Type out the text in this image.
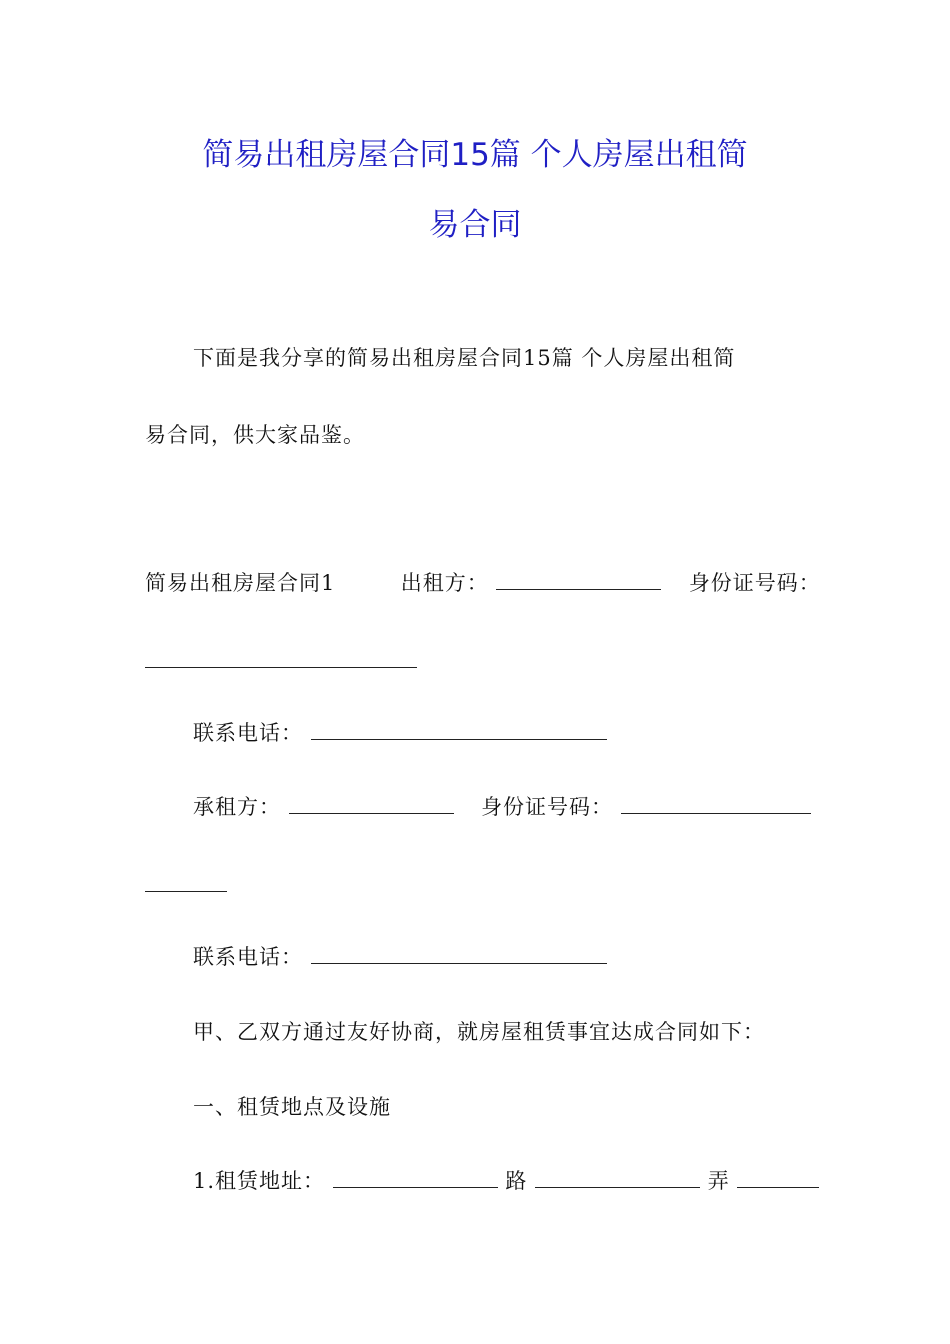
简易出租房屋合同15篇 个人房屋出租简
易合同
下面是我分享的简易出租房屋合同15篇 个人房屋出租简
易合同，供大家品鉴。
简易出租房屋合同1	出租方：	身份证号码：
联系电话：
承租方：	身份证号码：
联系电话：
甲、乙双方通过友好协商，就房屋租赁事宜达成合同如下：
一、租赁地点及设施
1.租赁地址：	路	弄
